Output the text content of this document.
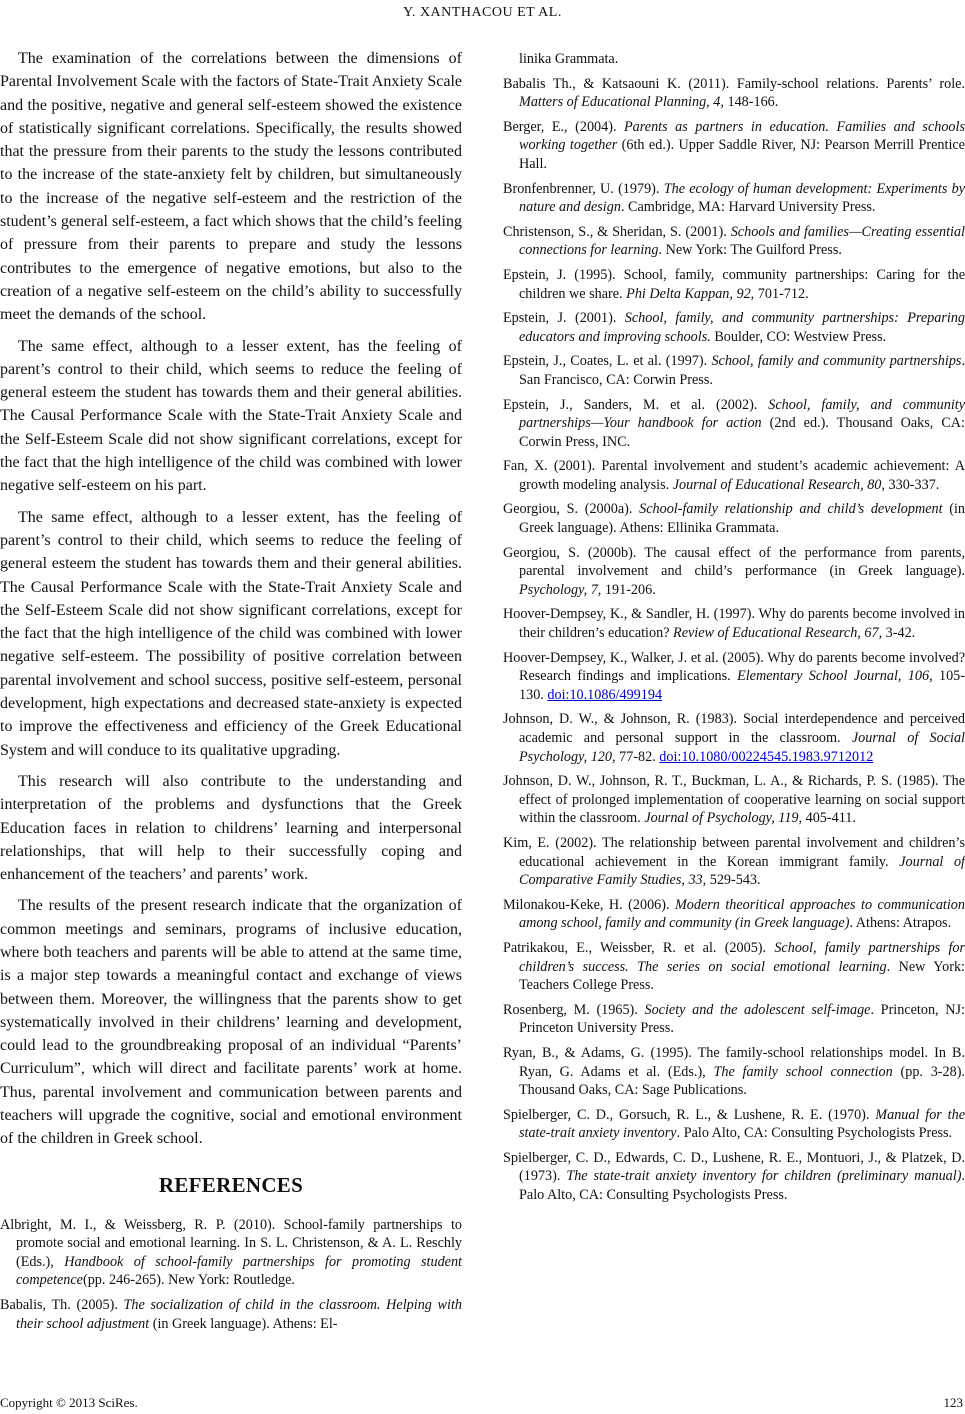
Y. XANTHACOU ET AL.

The examination of the correlations between the dimensions of Parental Involvement Scale with the factors of State-Trait Anxiety Scale and the positive, negative and general self-esteem showed the existence of statistically significant correlations. Specifically, the results showed that the pressure from their parents to the study the lessons contributed to the increase of the state-anxiety felt by children, but simultaneously to the increase of the negative self-esteem and the restriction of the student’s general self-esteem, a fact which shows that the child’s feeling of pressure from their parents to prepare and study the lessons contributes to the emergence of negative emotions, but also to the creation of a negative self-esteem on the child’s ability to successfully meet the demands of the school.

The same effect, although to a lesser extent, has the feeling of parent’s control to their child, which seems to reduce the feeling of general esteem the student has towards them and their general abilities. The Causal Performance Scale with the State-Trait Anxiety Scale and the Self-Esteem Scale did not show significant correlations, except for the fact that the high intelligence of the child was combined with lower negative self-esteem on his part.

The same effect, although to a lesser extent, has the feeling of parent’s control to their child, which seems to reduce the feeling of general esteem the student has towards them and their general abilities. The Causal Performance Scale with the State-Trait Anxiety Scale and the Self-Esteem Scale did not show significant correlations, except for the fact that the high intelligence of the child was combined with lower negative self-esteem. The possibility of positive correlation between parental involvement and school success, positive self-esteem, personal development, high expectations and decreased state-anxiety is expected to improve the effectiveness and efficiency of the Greek Educational System and will conduce to its qualitative upgrading.

This research will also contribute to the understanding and interpretation of the problems and dysfunctions that the Greek Education faces in relation to childrens’ learning and interpersonal relationships, that will help to their successfully coping and enhancement of the teachers’ and parents’ work.

The results of the present research indicate that the organization of common meetings and seminars, programs of inclusive education, where both teachers and parents will be able to attend at the same time, is a major step towards a meaningful contact and exchange of views between them. Moreover, the willingness that the parents show to get systematically involved in their childrens’ learning and development, could lead to the groundbreaking proposal of an individual “Parents’ Curriculum”, which will direct and facilitate parents’ work at home. Thus, parental involvement and communication between parents and teachers will upgrade the cognitive, social and emotional environment of the children in Greek school.

REFERENCES

Albright, M. I., & Weissberg, R. P. (2010). School-family partnerships to promote social and emotional learning. In S. L. Christenson, & A. L. Reschly (Eds.), Handbook of school-family partnerships for promoting student competence(pp. 246-265). New York: Routledge.

Babalis, Th. (2005). The socialization of child in the classroom. Helping with their school adjustment (in Greek language). Athens: El-

linika Grammata.

Babalis Th., & Katsaouni K. (2011). Family-school relations. Parents’ role. Matters of Educational Planning, 4, 148-166.

Berger, E., (2004). Parents as partners in education. Families and schools working together (6th ed.). Upper Saddle River, NJ: Pearson Merrill Prentice Hall.

Bronfenbrenner, U. (1979). The ecology of human development: Experiments by nature and design. Cambridge, MA: Harvard University Press.

Christenson, S., & Sheridan, S. (2001). Schools and families—Creating essential connections for learning. New York: The Guilford Press.

Epstein, J. (1995). School, family, community partnerships: Caring for the children we share. Phi Delta Kappan, 92, 701-712.

Epstein, J. (2001). School, family, and community partnerships: Preparing educators and improving schools. Boulder, CO: Westview Press.

Epstein, J., Coates, L. et al. (1997). School, family and community partnerships. San Francisco, CA: Corwin Press.

Epstein, J., Sanders, M. et al. (2002). School, family, and community partnerships—Your handbook for action (2nd ed.). Thousand Oaks, CA: Corwin Press, INC.

Fan, X. (2001). Parental involvement and student’s academic achievement: A growth modeling analysis. Journal of Educational Research, 80, 330-337.

Georgiou, S. (2000a). School-family relationship and child’s development (in Greek language). Athens: Ellinika Grammata.

Georgiou, S. (2000b). The causal effect of the performance from parents, parental involvement and child’s performance (in Greek language). Psychology, 7, 191-206.

Hoover-Dempsey, K., & Sandler, H. (1997). Why do parents become involved in their children’s education? Review of Educational Research, 67, 3-42.

Hoover-Dempsey, K., Walker, J. et al. (2005). Why do parents become involved? Research findings and implications. Elementary School Journal, 106, 105-130. doi:10.1086/499194

Johnson, D. W., & Johnson, R. (1983). Social interdependence and perceived academic and personal support in the classroom. Journal of Social Psychology, 120, 77-82. doi:10.1080/00224545.1983.9712012

Johnson, D. W., Johnson, R. T., Buckman, L. A., & Richards, P. S. (1985). The effect of prolonged implementation of cooperative learning on social support within the classroom. Journal of Psychology, 119, 405-411.

Kim, E. (2002). The relationship between parental involvement and children’s educational achievement in the Korean immigrant family. Journal of Comparative Family Studies, 33, 529-543.

Milonakou-Keke, H. (2006). Modern theoritical approaches to communication among school, family and community (in Greek language). Athens: Atrapos.

Patrikakou, E., Weissber, R. et al. (2005). School, family partnerships for children’s success. The series on social emotional learning. New York: Teachers College Press.

Rosenberg, M. (1965). Society and the adolescent self-image. Princeton, NJ: Princeton University Press.

Ryan, B., & Adams, G. (1995). The family-school relationships model. In B. Ryan, G. Adams et al. (Eds.), The family school connection (pp. 3-28). Thousand Oaks, CA: Sage Publications.

Spielberger, C. D., Gorsuch, R. L., & Lushene, R. E. (1970). Manual for the state-trait anxiety inventory. Palo Alto, CA: Consulting Psychologists Press.

Spielberger, C. D., Edwards, C. D., Lushene, R. E., Montuori, J., & Platzek, D. (1973). The state-trait anxiety inventory for children (preliminary manual). Palo Alto, CA: Consulting Psychologists Press.

Copyright © 2013 SciRes.	123
